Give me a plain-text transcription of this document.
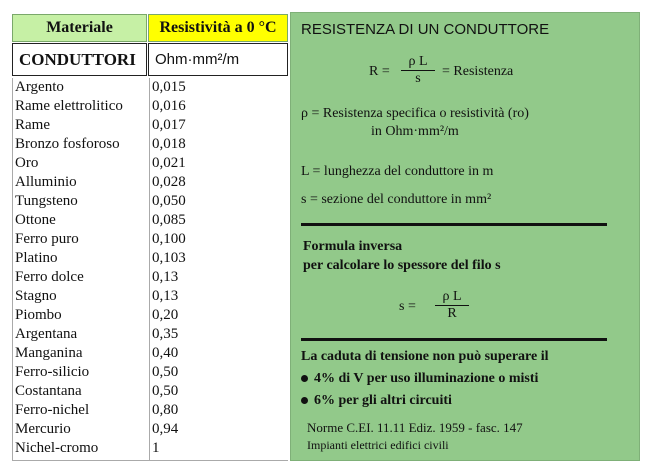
Materiale	Resistività a 0 °C
CONDUTTORI	Ohm·mm²/m
Argento	0,015
Rame elettrolitico 0,016
Rame	0,017
Bronzo fosforoso 0,018
Oro	0,021
Alluminio	0,028
Tungsteno	0,050
Ottone	0,085
Ferro puro	0,100
Platino	0,103
Ferro dolce	0,13
Stagno	0,13
Piombo	0,20
Argentana	0,35
Manganina	0,40
Ferro-silicio	0,50
Costantana	0,50
Ferro-nichel	0,80
Mercurio	0,94
Nichel-cromo	1
RESISTENZA DI UN CONDUTTORE
$R = \frac{\text{ρ L}}{s}$ = Resistenza
ρ = Resistenza specifica o resistività (ro)
in Ohm·mm²/m
L = lunghezza del conduttore in m
s = sezione del conduttore in mm²
Formula inversa
per calcolare lo spessore del filo s
$s = \frac{\text{ρ L}}{R}$
La caduta di tensione non può superare il
4% di V per uso illuminazione o misti
6% per gli altri circuiti
Norme C.EI. 11.11 Ediz. 1959 - fasc. 147
Impianti elettrici edifici civili
